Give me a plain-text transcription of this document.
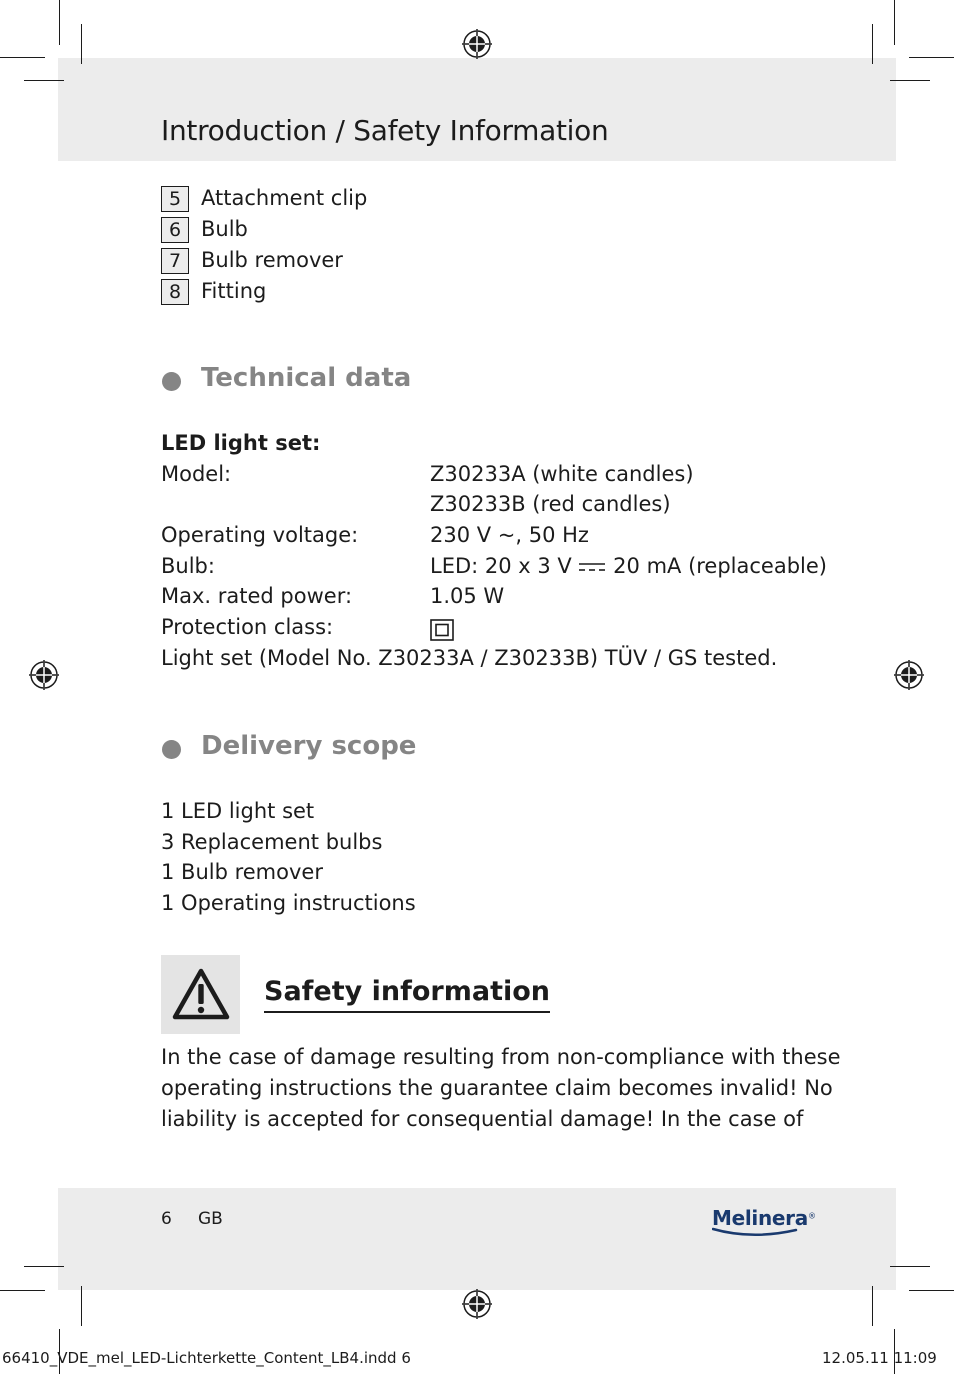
Introduction / Safety Information
5 Attachment clip
6 Bulb
7 Bulb remover
8 Fitting
Technical data
LED light set:
Model:	Z30233A (white candles)
Z30233B (red candles)
Operating voltage:	230 V ~, 50 Hz
Bulb:	LED: 20 x 3 V 20 mA (replaceable)
Max. rated power:	1.05 W
Protection class:
Light set (Model No. Z30233A / Z30233B) TÜV / GS tested.
Delivery scope
1 LED light set
3 Replacement bulbs
1 Bulb remover
1 Operating instructions
Safety information
In the case of damage resulting from non-compliance with these
operating instructions the guarantee claim becomes invalid! No
liability is accepted for consequential damage! In the case of
6 GB	Melinera®
66410_VDE_mel_LED-Lichterkette_Content_LB4.indd 6	12.05.11 11:09
